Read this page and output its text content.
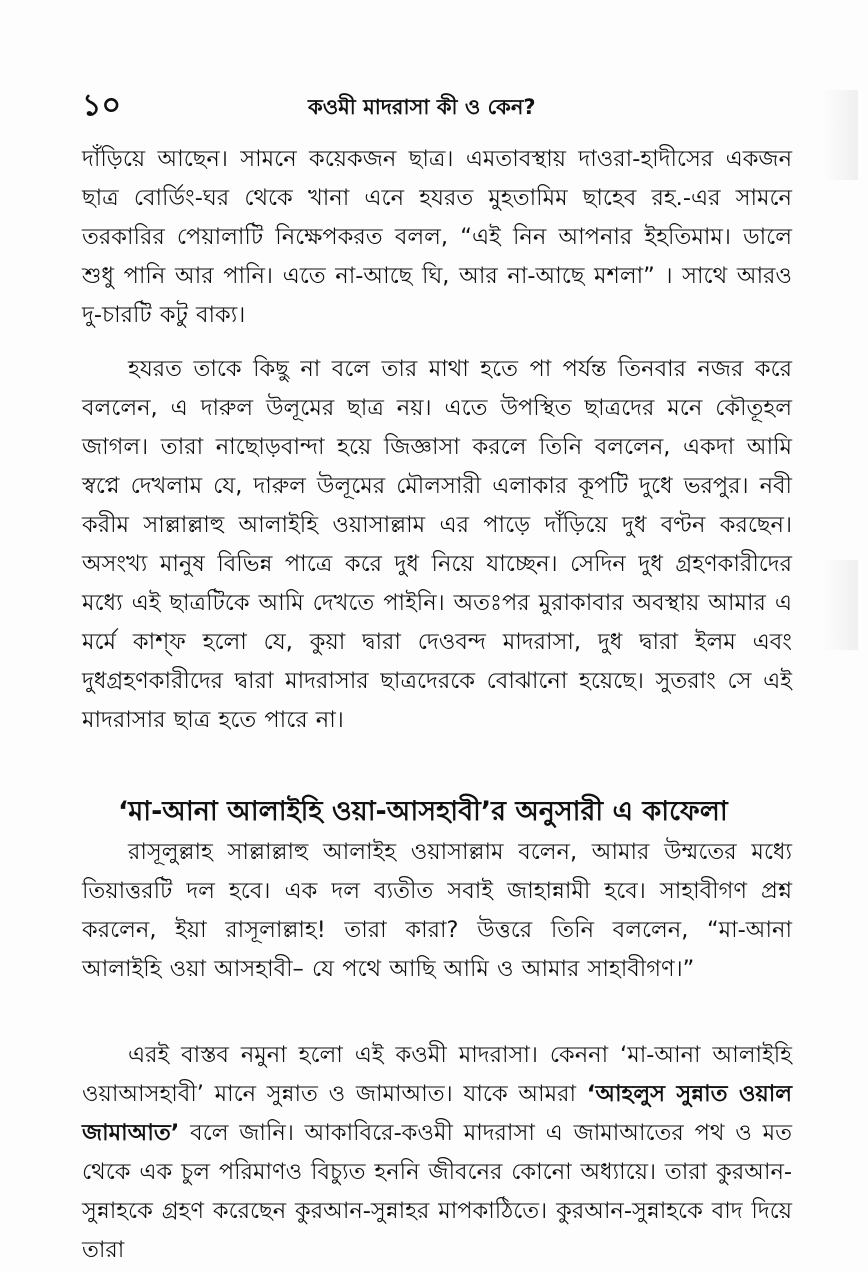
১০	কওমী মাদরাসা কী ও কেন?

দাঁড়িয়ে আছেন। সামনে কয়েকজন ছাত্র। এমতাবস্থায় দাওরা-হাদীসের একজন ছাত্র বোর্ডিং-ঘর থেকে খানা এনে হযরত মুহতামিম ছাহেব রহ.-এর সামনে তরকারির পেয়ালাটি নিক্ষেপকরত বলল, “এই নিন আপনার ইহতিমাম। ডালে শুধু পানি আর পানি। এতে না-আছে ঘি, আর না-আছে মশলা” । সাথে আরও দু-চারটি কটু বাক্য।

হযরত তাকে কিছু না বলে তার মাথা হতে পা পর্যন্ত তিনবার নজর করে বললেন, এ দারুল উলূমের ছাত্র নয়। এতে উপস্থিত ছাত্রদের মনে কৌতূহল জাগল। তারা নাছোড়বান্দা হয়ে জিজ্ঞাসা করলে তিনি বললেন, একদা আমি স্বপ্নে দেখলাম যে, দারুল উলূমের মৌলসারী এলাকার কূপটি দুধে ভরপুর। নবী করীম সাল্লাল্লাহু আলাইহি ওয়াসাল্লাম এর পাড়ে দাঁড়িয়ে দুধ বণ্টন করছেন। অসংখ্য মানুষ বিভিন্ন পাত্রে করে দুধ নিয়ে যাচ্ছেন। সেদিন দুধ গ্রহণকারীদের মধ্যে এই ছাত্রটিকে আমি দেখতে পাইনি। অতঃপর মুরাকাবার অবস্থায় আমার এ মর্মে কাশ্‌ফ হলো যে, কুয়া দ্বারা দেওবন্দ মাদরাসা, দুধ দ্বারা ইলম এবং দুধগ্রহণকারীদের দ্বারা মাদরাসার ছাত্রদেরকে বোঝানো হয়েছে। সুতরাং সে এই মাদরাসার ছাত্র হতে পারে না।

‘মা-আনা আলাইহি ওয়া-আসহাবী’র অনুসারী এ কাফেলা

রাসূলুল্লাহ সাল্লাল্লাহু আলাইহ ওয়াসাল্লাম বলেন, আমার উম্মতের মধ্যে তিয়াত্তরটি দল হবে। এক দল ব্যতীত সবাই জাহান্নামী হবে। সাহাবীগণ প্রশ্ন করলেন, ইয়া রাসূলাল্লাহ! তারা কারা? উত্তরে তিনি বললেন, “মা-আনা আলাইহি ওয়া আসহাবী– যে পথে আছি আমি ও আমার সাহাবীগণ।”

এরই বাস্তব নমুনা হলো এই কওমী মাদরাসা। কেননা ‘মা-আনা আলাইহি ওয়াআসহাবী’ মানে সুন্নাত ও জামাআত। যাকে আমরা ‘আহলুস সুন্নাত ওয়াল জামাআত’ বলে জানি। আকাবিরে-কওমী মাদরাসা এ জামাআতের পথ ও মত থেকে এক চুল পরিমাণও বিচ্যুত হননি জীবনের কোনো অধ্যায়ে। তারা কুরআন-সুন্নাহকে গ্রহণ করেছেন কুরআন-সুন্নাহর মাপকাঠিতে। কুরআন-সুন্নাহকে বাদ দিয়ে তারা
